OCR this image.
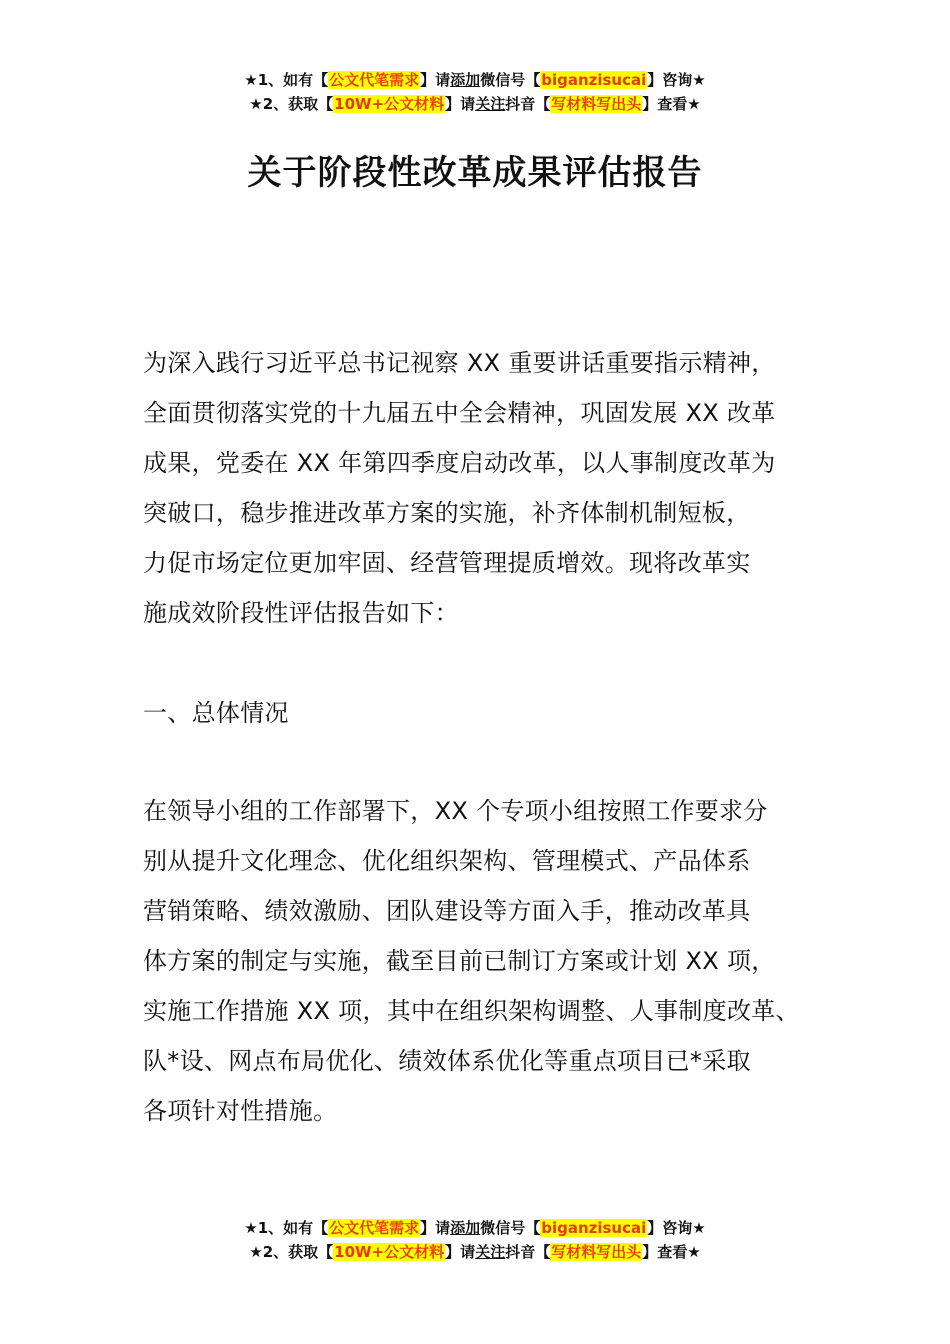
★1、如有【公文代笔需求】请添加微信号【biganzisucai】咨询★
★2、获取【10W+公文材料】请关注抖音【写材料写出头】查看★
关于阶段性改革成果评估报告
为深入践行习近平总书记视察 XX 重要讲话重要指示精神，
全面贯彻落实党的十九届五中全会精神，巩固发展 XX 改革
成果，党委在 XX 年第四季度启动改革，以人事制度改革为
突破口，稳步推进改革方案的实施，补齐体制机制短板，
力促市场定位更加牢固、经营管理提质增效。现将改革实
施成效阶段性评估报告如下：
一、总体情况
在领导小组的工作部署下，XX 个专项小组按照工作要求分
别从提升文化理念、优化组织架构、管理模式、产品体系
营销策略、绩效激励、团队建设等方面入手，推动改革具
体方案的制定与实施，截至目前已制订方案或计划 XX 项，
实施工作措施 XX 项，其中在组织架构调整、人事制度改革、
队*设、网点布局优化、绩效体系优化等重点项目已*采取
各项针对性措施。
★1、如有【公文代笔需求】请添加微信号【biganzisucai】咨询★
★2、获取【10W+公文材料】请关注抖音【写材料写出头】查看★
